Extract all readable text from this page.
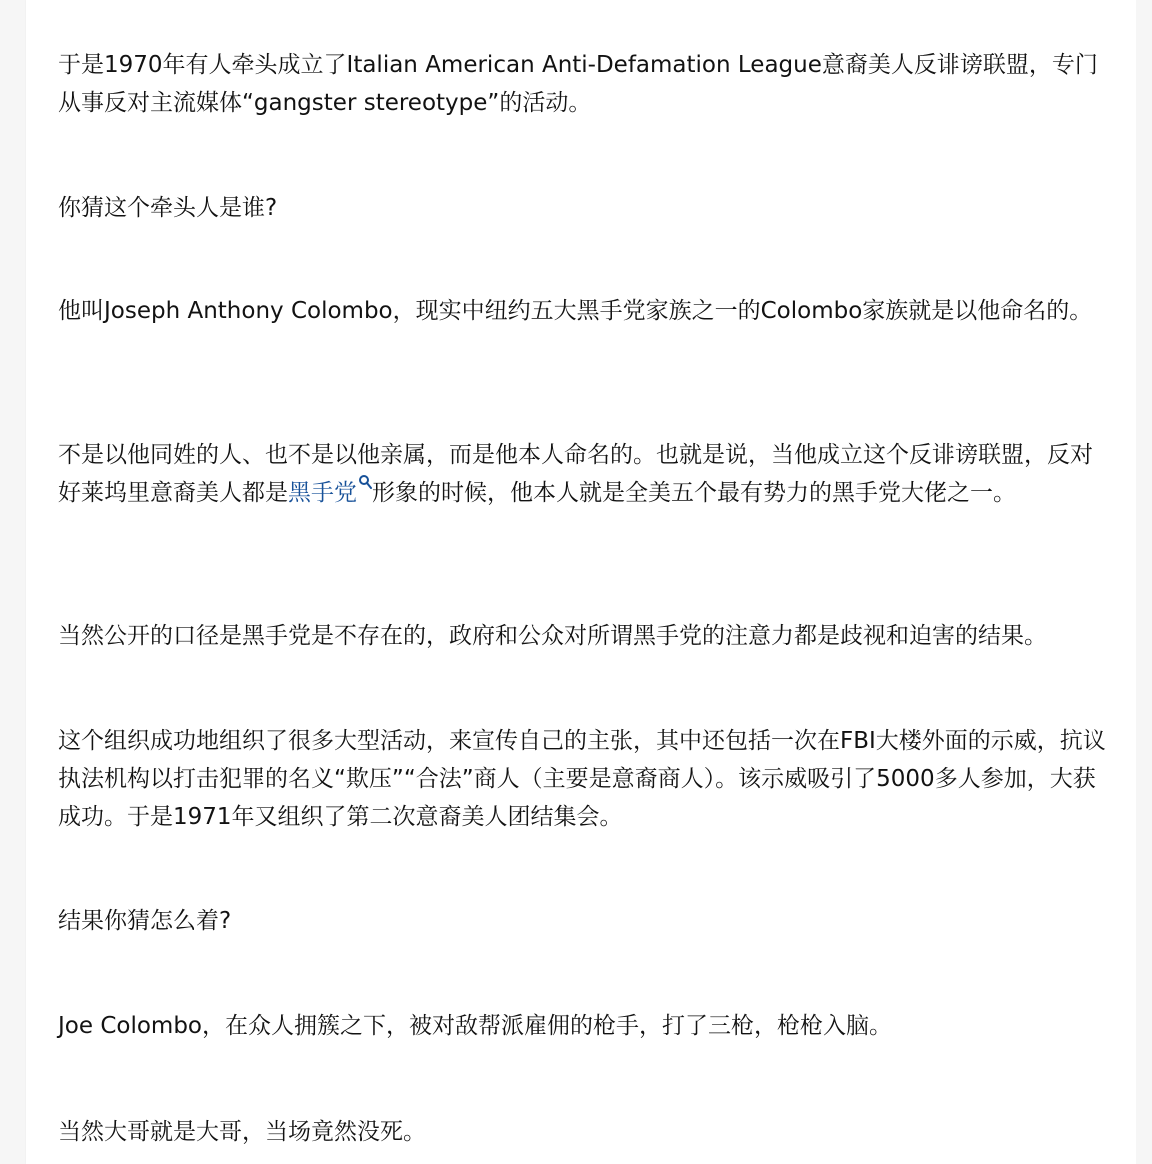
于是1970年有人牵头成立了Italian American Anti-Defamation League意裔美人反诽谤联盟，专门从事反对主流媒体“gangster stereotype”的活动。

你猜这个牵头人是谁?

他叫Joseph Anthony Colombo，现实中纽约五大黑手党家族之一的Colombo家族就是以他命名的。

不是以他同姓的人、也不是以他亲属，而是他本人命名的。也就是说，当他成立这个反诽谤联盟，反对好莱坞里意裔美人都是黑手党 形象的时候，他本人就是全美五个最有势力的黑手党大佬之一。

当然公开的口径是黑手党是不存在的，政府和公众对所谓黑手党的注意力都是歧视和迫害的结果。

这个组织成功地组织了很多大型活动，来宣传自己的主张，其中还包括一次在FBI大楼外面的示威，抗议执法机构以打击犯罪的名义“欺压”“合法”商人（主要是意裔商人）。该示威吸引了5000多人参加，大获成功。于是1971年又组织了第二次意裔美人团结集会。

结果你猜怎么着?

Joe Colombo，在众人拥簇之下，被对敌帮派雇佣的枪手，打了三枪，枪枪入脑。

当然大哥就是大哥，当场竟然没死。
